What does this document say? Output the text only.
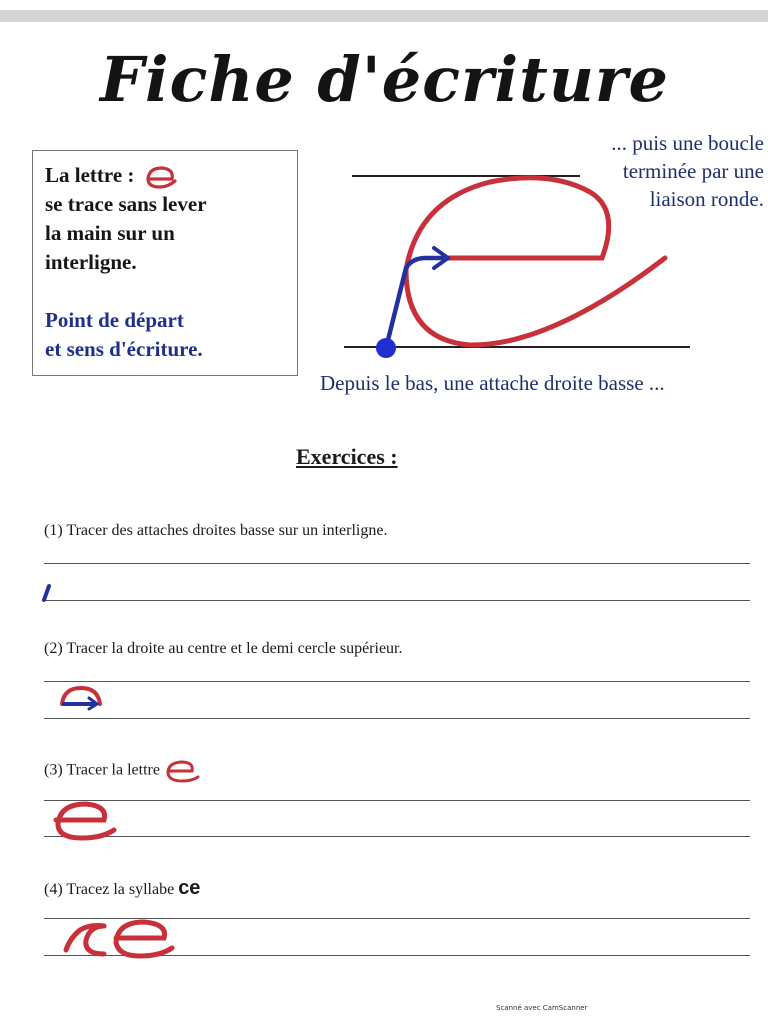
Fiche d'écriture
La lettre :
se trace sans lever
la main sur un
interligne.
Point de départ
et sens d'écriture.
... puis une boucle
terminée par une
liaison ronde.
Depuis le bas, une attache droite basse ...
Exercices :
(1) Tracer des attaches droites basse sur un interligne.
(2) Tracer la droite au centre et le demi cercle supérieur.
(3) Tracer la lettre
(4) Tracez la syllabe ce
Scanné avec CamScanner
